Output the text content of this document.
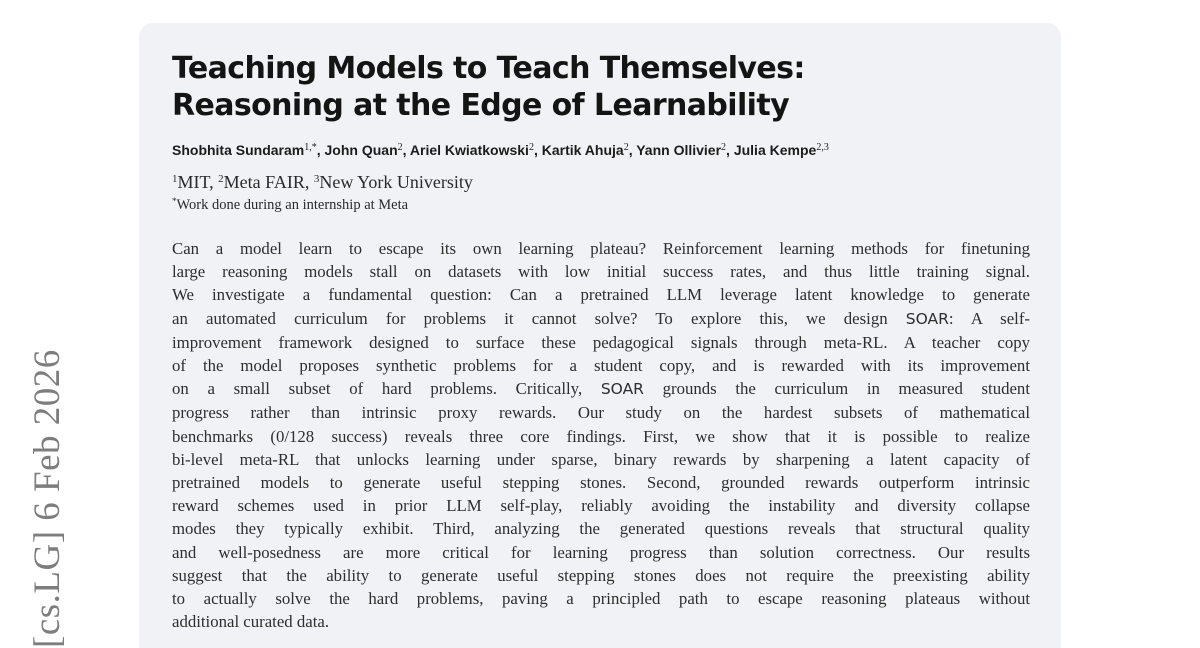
[cs.LG] 6 Feb 2026
Teaching Models to Teach Themselves:
Reasoning at the Edge of Learnability
Shobhita Sundaram$^{1,*}$, John Quan$^2$, Ariel Kwiatkowski$^2$, Kartik Ahuja$^2$, Yann Ollivier$^2$, Julia Kempe$^{2,3}$
$^1$MIT, $^2$Meta FAIR, $^3$New York University
*Work done during an internship at Meta
Can a model learn to escape its own learning plateau? Reinforcement learning methods for finetuning
large reasoning models stall on datasets with low initial success rates, and thus little training signal.
We investigate a fundamental question: Can a pretrained LLM leverage latent knowledge to generate
an automated curriculum for problems it cannot solve? To explore this, we design SOAR: A self-
improvement framework designed to surface these pedagogical signals through meta-RL. A teacher copy
of the model proposes synthetic problems for a student copy, and is rewarded with its improvement
on a small subset of hard problems. Critically, SOAR grounds the curriculum in measured student
progress rather than intrinsic proxy rewards. Our study on the hardest subsets of mathematical
benchmarks (0/128 success) reveals three core findings. First, we show that it is possible to realize
bi-level meta-RL that unlocks learning under sparse, binary rewards by sharpening a latent capacity of
pretrained models to generate useful stepping stones. Second, grounded rewards outperform intrinsic
reward schemes used in prior LLM self-play, reliably avoiding the instability and diversity collapse
modes they typically exhibit. Third, analyzing the generated questions reveals that structural quality
and well-posedness are more critical for learning progress than solution correctness. Our results
suggest that the ability to generate useful stepping stones does not require the preexisting ability
to actually solve the hard problems, paving a principled path to escape reasoning plateaus without
additional curated data.
